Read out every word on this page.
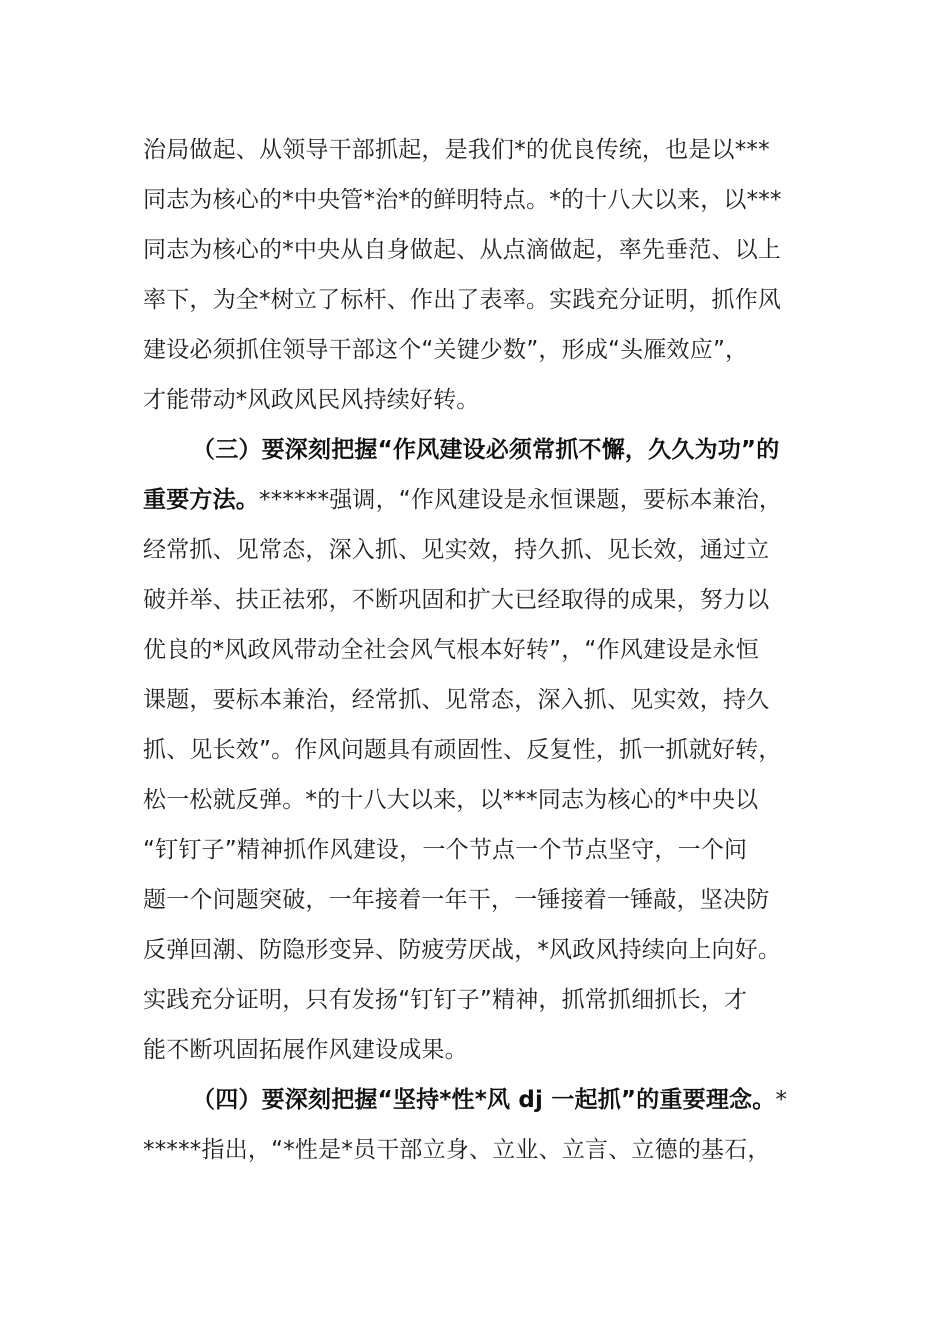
治局做起、从领导干部抓起，是我们*的优良传统，也是以***
同志为核心的*中央管*治*的鲜明特点。*的十八大以来，以***
同志为核心的*中央从自身做起、从点滴做起，率先垂范、以上
率下，为全*树立了标杆、作出了表率。实践充分证明，抓作风
建设必须抓住领导干部这个“关键少数”，形成“头雁效应”，
才能带动*风政风民风持续好转。
（三）要深刻把握“作风建设必须常抓不懈，久久为功”的
重要方法。******强调，“作风建设是永恒课题，要标本兼治，
经常抓、见常态，深入抓、见实效，持久抓、见长效，通过立
破并举、扶正祛邪，不断巩固和扩大已经取得的成果，努力以
优良的*风政风带动全社会风气根本好转”，“作风建设是永恒
课题，要标本兼治，经常抓、见常态，深入抓、见实效，持久
抓、见长效”。作风问题具有顽固性、反复性，抓一抓就好转，
松一松就反弹。*的十八大以来，以***同志为核心的*中央以
“钉钉子”精神抓作风建设，一个节点一个节点坚守，一个问
题一个问题突破，一年接着一年干，一锤接着一锤敲，坚决防
反弹回潮、防隐形变异、防疲劳厌战，*风政风持续向上向好。
实践充分证明，只有发扬“钉钉子”精神，抓常抓细抓长，才
能不断巩固拓展作风建设成果。
（四）要深刻把握“坚持*性*风 dj 一起抓”的重要理念。*
*****指出，“*性是*员干部立身、立业、立言、立德的基石，
